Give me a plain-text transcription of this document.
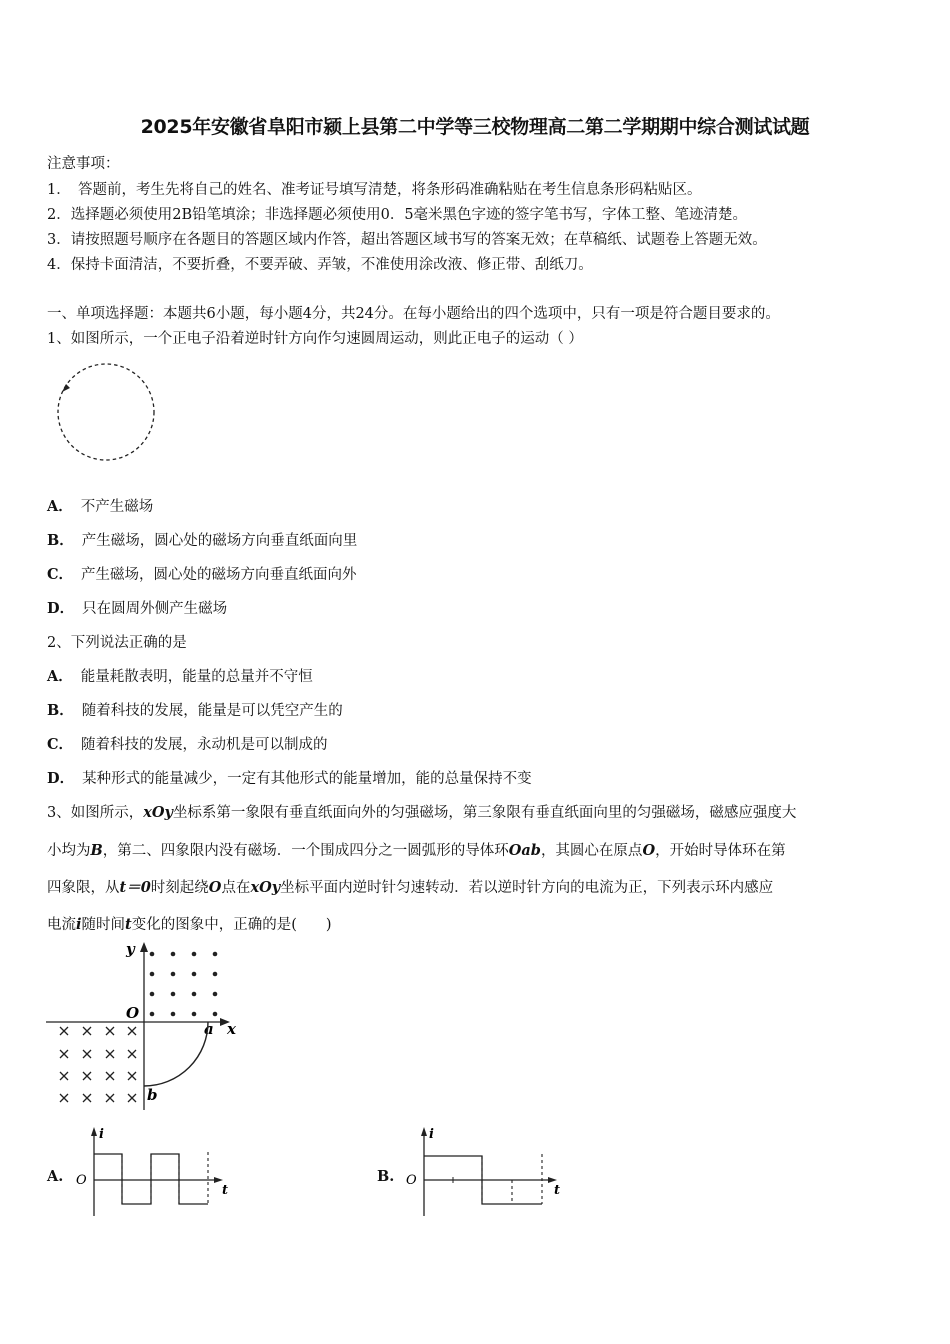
2025年安徽省阜阳市颍上县第二中学等三校物理高二第二学期期中综合测试试题
注意事项：
1．　答题前，考生先将自己的姓名、准考证号填写清楚，将条形码准确粘贴在考生信息条形码粘贴区。
2．选择题必须使用2B铅笔填涂；非选择题必须使用0．5毫米黑色字迹的签字笔书写，字体工整、笔迹清楚。
3．请按照题号顺序在各题目的答题区域内作答，超出答题区域书写的答案无效；在草稿纸、试题卷上答题无效。
4．保持卡面清洁，不要折叠，不要弄破、弄皱，不准使用涂改液、修正带、刮纸刀。
一、单项选择题：本题共6小题，每小题4分，共24分。在每小题给出的四个选项中，只有一项是符合题目要求的。
1、如图所示，一个正电子沿着逆时针方向作匀速圆周运动，则此正电子的运动（ ）
A． 不产生磁场
B． 产生磁场，圆心处的磁场方向垂直纸面向里
C． 产生磁场，圆心处的磁场方向垂直纸面向外
D． 只在圆周外侧产生磁场
2、下列说法正确的是
A． 能量耗散表明，能量的总量并不守恒
B． 随着科技的发展，能量是可以凭空产生的
C． 随着科技的发展，永动机是可以制成的
D． 某种形式的能量减少，一定有其他形式的能量增加，能的总量保持不变
3、如图所示，xOy坐标系第一象限有垂直纸面向外的匀强磁场，第三象限有垂直纸面向里的匀强磁场，磁感应强度大
小均为B，第二、四象限内没有磁场．一个围成四分之一圆弧形的导体环Oab，其圆心在原点O，开始时导体环在第
四象限，从t＝0时刻起绕O点在xOy坐标平面内逆时针匀速转动．若以逆时针方向的电流为正，下列表示环内感应
电流i随时间t变化的图象中，正确的是(　　)
y
x
O
a
b
A.
i
O
t
B.
i
O
t
